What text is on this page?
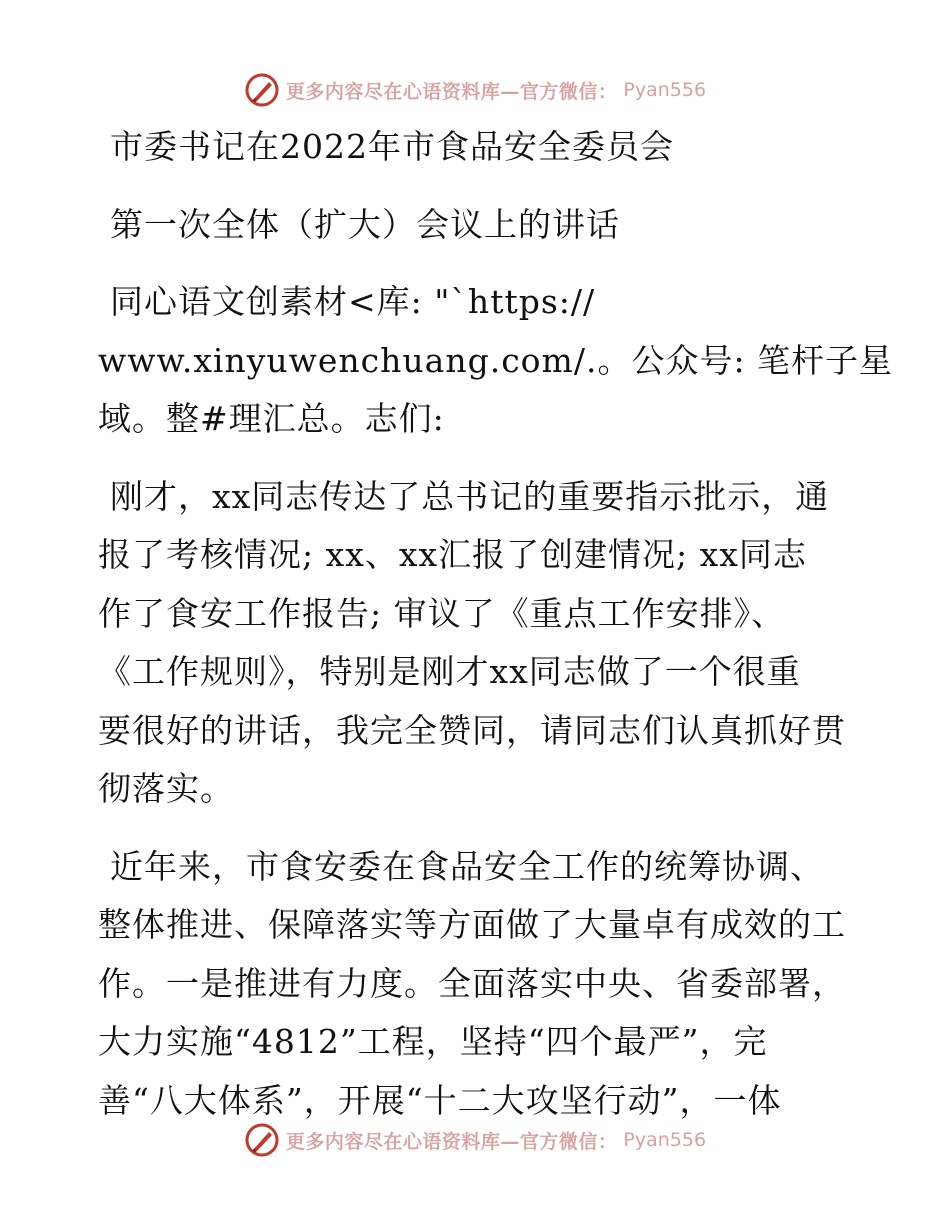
更多内容尽在心语资料库—官方微信： Pyan556
市委书记在2022年市食品安全委员会
第一次全体（扩大）会议上的讲话
同心语文创素材<库: "`https://
www.xinyuwenchuang.com/.。公众号: 笔杆子星
域。整#理汇总。志们:
刚才，xx同志传达了总书记的重要指示批示，通
报了考核情况; xx、xx汇报了创建情况; xx同志
作了食安工作报告; 审议了《重点工作安排》、
《工作规则》，特别是刚才xx同志做了一个很重
要很好的讲话，我完全赞同，请同志们认真抓好贯
彻落实。
近年来，市食安委在食品安全工作的统筹协调、
整体推进、保障落实等方面做了大量卓有成效的工
作。一是推进有力度。全面落实中央、省委部署，
大力实施“4812”工程，坚持“四个最严”，完
善“八大体系”，开展“十二大攻坚行动”，一体
更多内容尽在心语资料库—官方微信： Pyan556
